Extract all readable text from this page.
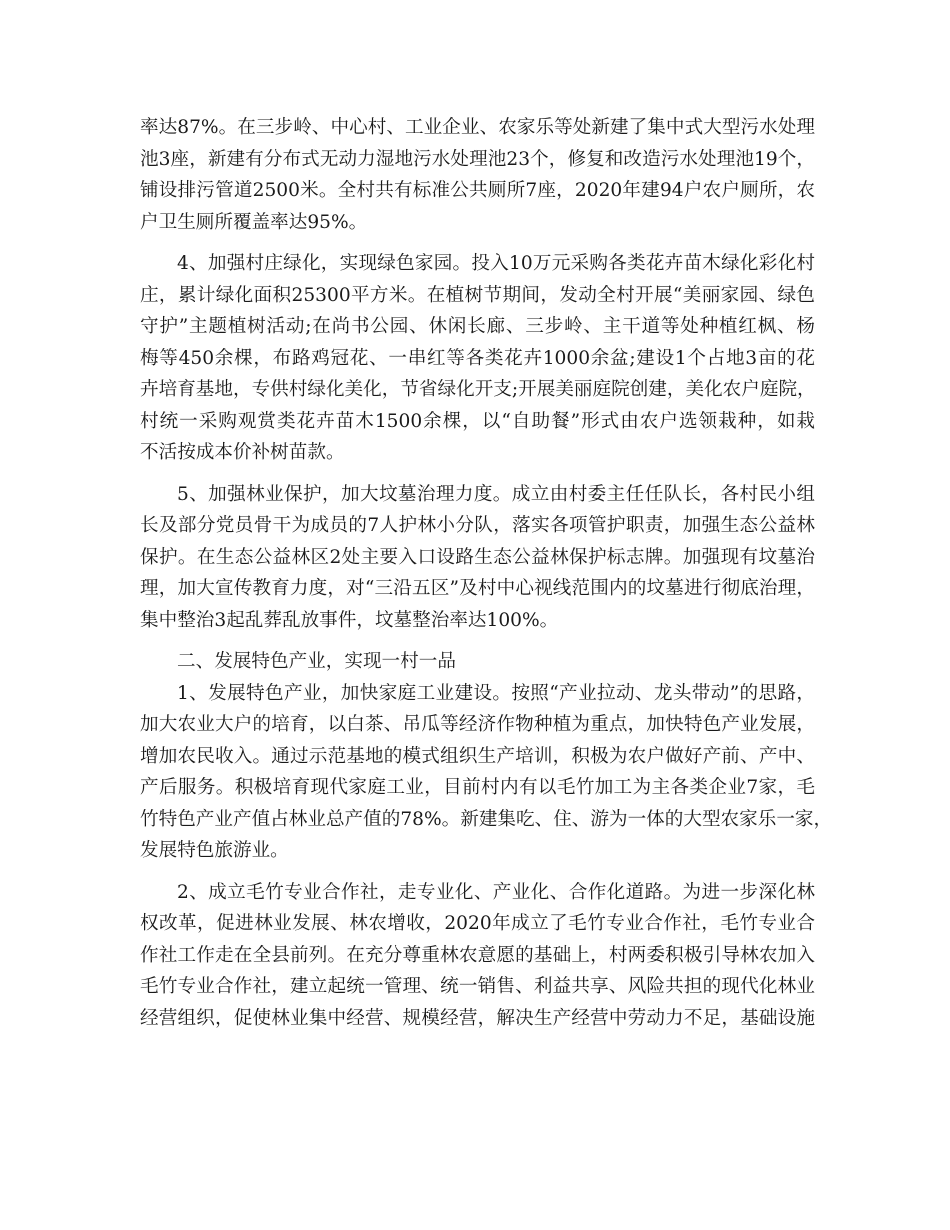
率达87%。在三步岭、中心村、工业企业、农家乐等处新建了集中式大型污水处理
池3座，新建有分布式无动力湿地污水处理池23个，修复和改造污水处理池19个，
铺设排污管道2500米。全村共有标准公共厕所7座，2020年建94户农户厕所，农
户卫生厕所覆盖率达95%。
4、加强村庄绿化，实现绿色家园。投入10万元采购各类花卉苗木绿化彩化村
庄，累计绿化面积25300平方米。在植树节期间，发动全村开展“美丽家园、绿色
守护”主题植树活动;在尚书公园、休闲长廊、三步岭、主干道等处种植红枫、杨
梅等450余棵，布路鸡冠花、一串红等各类花卉1000余盆;建设1个占地3亩的花
卉培育基地，专供村绿化美化，节省绿化开支;开展美丽庭院创建，美化农户庭院，
村统一采购观赏类花卉苗木1500余棵，以“自助餐”形式由农户选领栽种，如栽
不活按成本价补树苗款。
5、加强林业保护，加大坟墓治理力度。成立由村委主任任队长，各村民小组
长及部分党员骨干为成员的7人护林小分队，落实各项管护职责，加强生态公益林
保护。在生态公益林区2处主要入口设路生态公益林保护标志牌。加强现有坟墓治
理，加大宣传教育力度，对“三沿五区”及村中心视线范围内的坟墓进行彻底治理，
集中整治3起乱葬乱放事件，坟墓整治率达100%。
二、发展特色产业，实现一村一品
1、发展特色产业，加快家庭工业建设。按照“产业拉动、龙头带动”的思路，
加大农业大户的培育，以白茶、吊瓜等经济作物种植为重点，加快特色产业发展，
增加农民收入。通过示范基地的模式组织生产培训，积极为农户做好产前、产中、
产后服务。积极培育现代家庭工业，目前村内有以毛竹加工为主各类企业7家，毛
竹特色产业产值占林业总产值的78%。新建集吃、住、游为一体的大型农家乐一家，
发展特色旅游业。
2、成立毛竹专业合作社，走专业化、产业化、合作化道路。为进一步深化林
权改革，促进林业发展、林农增收，2020年成立了毛竹专业合作社，毛竹专业合
作社工作走在全县前列。在充分尊重林农意愿的基础上，村两委积极引导林农加入
毛竹专业合作社，建立起统一管理、统一销售、利益共享、风险共担的现代化林业
经营组织，促使林业集中经营、规模经营，解决生产经营中劳动力不足，基础设施
